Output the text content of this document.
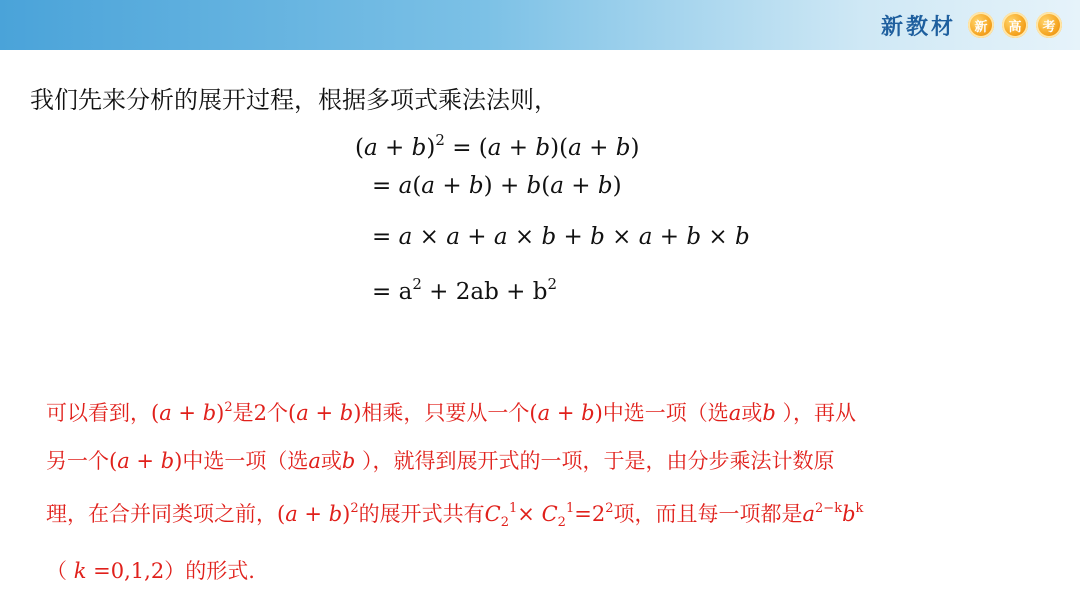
新教材	新	高	考
我们先来分析的展开过程，根据多项式乘法法则，
$(a + b)^2 = (a + b)(a + b)$
= a(a + b) + b(a + b)
= a × a + a × b + b × a + b × b
= $a^2 + 2ab + b^2$
可以看到，$(a + b)^2$是2个(a + b)相乘，只要从一个(a + b)中选一项（选a或b ），再从
另一个(a + b)中选一项（选a或b ），就得到展开式的一项，于是，由分步乘法计数原
理，在合并同类项之前，$(a + b)^2$的展开式共有$C_2^1\times C_2^1=2^2$项，而且每一项都是$a^{2-k}b^k$
（ k =0,1,2）的形式.
